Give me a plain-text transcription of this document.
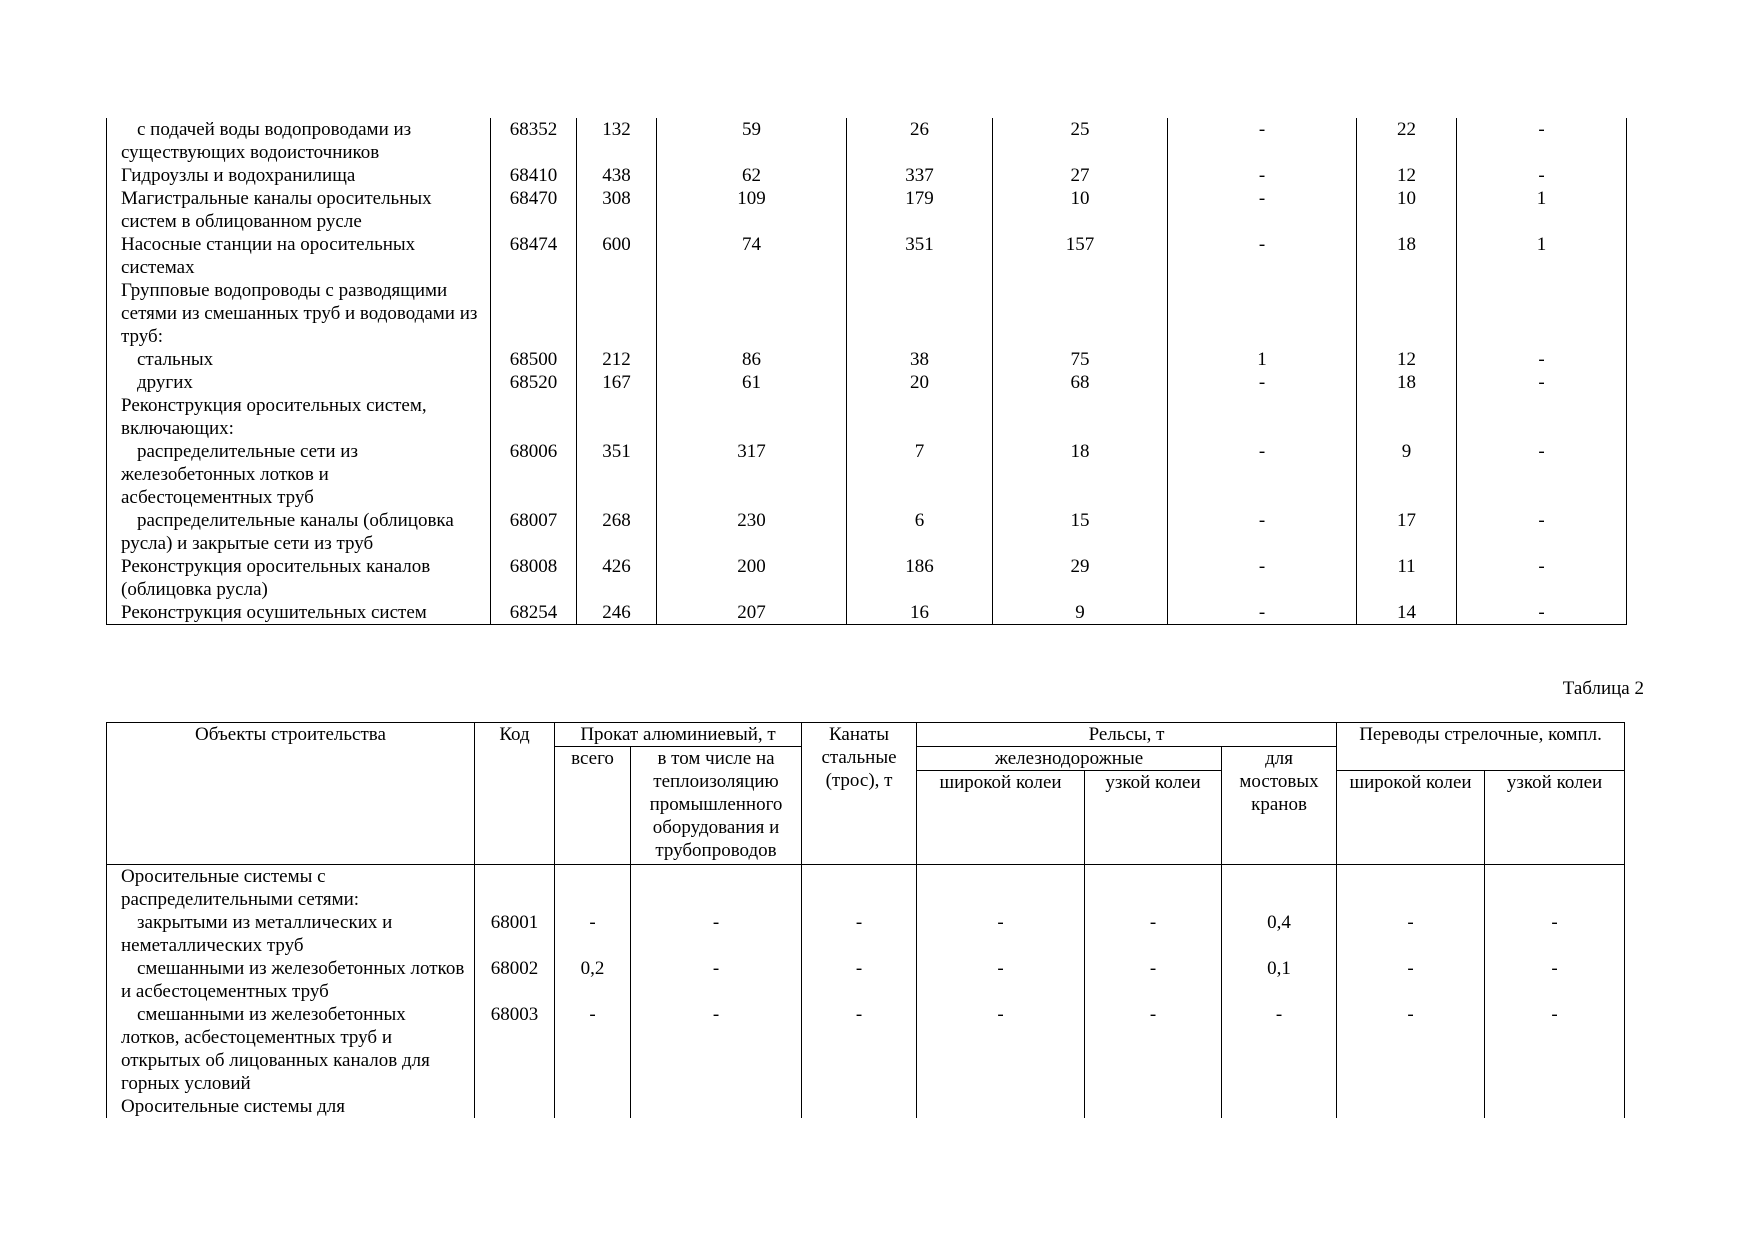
с подачей воды водопроводами из существующих водоисточников	68352	132	59	26	25	-	22	-
Гидроузлы и водохранилища	68410	438	62	337	27	-	12	-
Магистральные каналы оросительных систем в облицованном русле	68470	308	109	179	10	-	10	1
Насосные станции на оросительных системах	68474	600	74	351	157	-	18	1
Групповые водопроводы с разводящими сетями из смешанных труб и водоводами из труб:								
стальных	68500	212	86	38	75	1	12	-
других	68520	167	61	20	68	-	18	-
Реконструкция оросительных систем, включающих:								
распределительные сети из железобетонных лотков и асбестоцементных труб	68006	351	317	7	18	-	9	-
распределительные каналы (облицовка русла) и закрытые сети из труб	68007	268	230	6	15	-	17	-
Реконструкция оросительных каналов (облицовка русла)	68008	426	200	186	29	-	11	-
Реконструкция осушительных систем	68254	246	207	16	9	-	14	-
Таблица 2
Объекты строительства	Код	Прокат алюминиевый, т		Канаты стальные (трос), т	Рельсы, т			Переводы стрелочные, компл.	
		всего	в том числе на теплоизоляцию промышленного оборудования и трубопроводов		железнодорожные		для мостовых кранов		
					широкой колеи	узкой колеи		широкой колеи	узкой колеи
Оросительные системы с распределительными сетями:									
закрытыми из металлических и неметаллических труб	68001	-	-	-	-	-	0,4	-	-
смешанными из железобетонных лотков и асбестоцементных труб	68002	0,2	-	-	-	-	0,1	-	-
смешанными из железобетонных лотков, асбестоцементных труб и открытых об лицованных каналов для горных условий	68003	-	-	-	-	-	-	-	-
Оросительные системы для									
